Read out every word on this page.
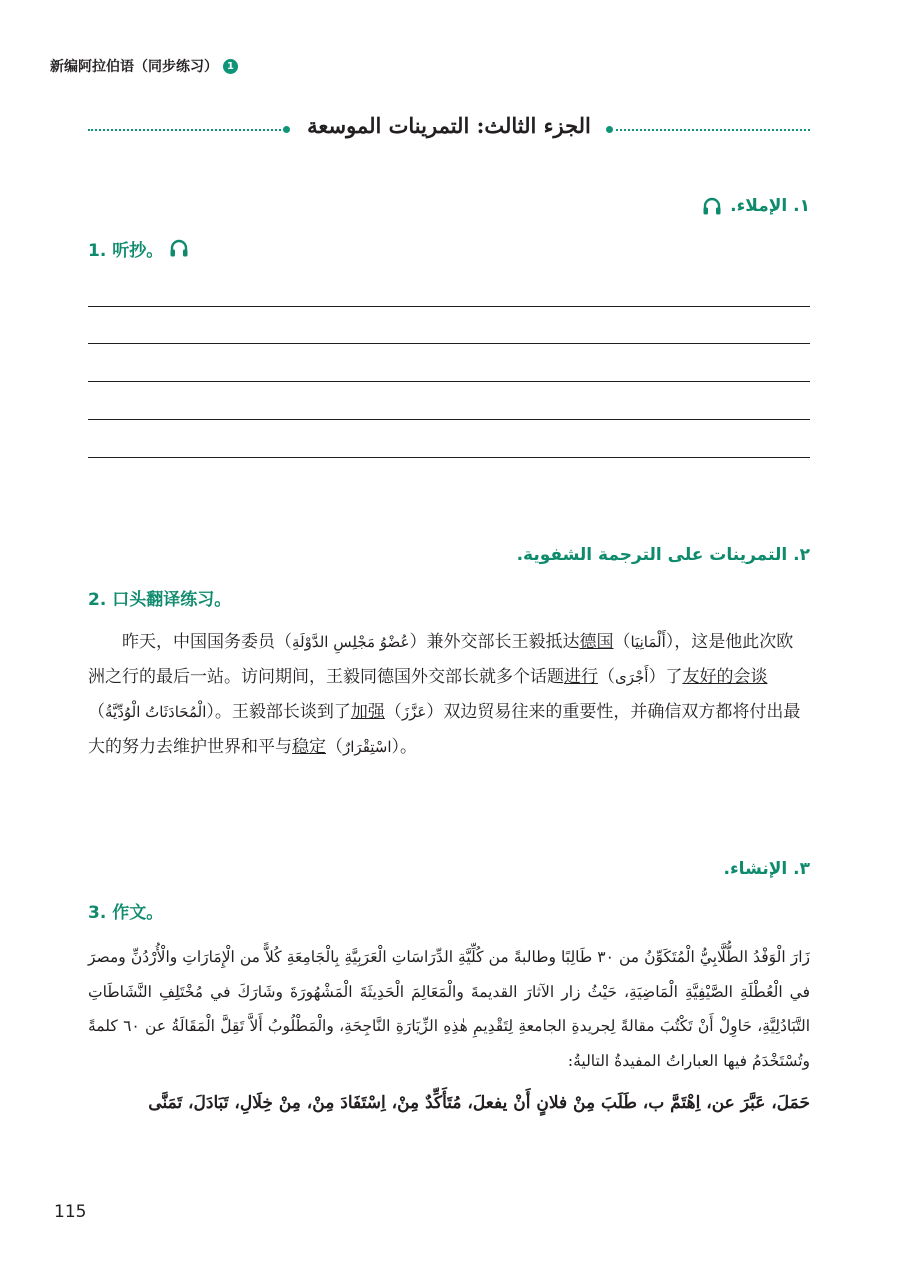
新编阿拉伯语（同步练习） 1
الجزء الثالث: التمرينات الموسعة
١. الإملاء.
1. 听抄。
٢. التمرينات على الترجمة الشفوية.
2. 口头翻译练习。
  昨天，中国国务委员（عُضْوُ مَجْلِسِ الدَّوْلَةِ）兼外交部长王毅抵达德国（أَلْمَانِيَا），这是他此次欧洲之行的最后一站。访问期间，王毅同德国外交部长就多个话题进行（أَجْرَى）了友好的会谈（الْمُحَادَثَاتُ الْوُدِّيَّةُ）。王毅部长谈到了加强（عَزَّزَ）双边贸易往来的重要性，并确信双方都将付出最大的努力去维护世界和平与稳定（اسْتِقْرَارٌ）。
٣. الإنشاء.
3. 作文。
زَارَ الْوَفْدُ الطُّلَّابِيُّ الْمُتَكَوِّنُ من ٣٠ طَالِبًا وطالبةً من كُلِّيَّةِ الدِّرَاسَاتِ الْعَرَبِيَّةِ بِالْجَامِعَةِ كُلاًّ من الْإِمَارَاتِ والْأُرْدُنِّ ومصرَ في الْعُطْلَةِ الصَّيْفِيَّةِ الْمَاضِيَةِ، حَيْثُ زار الآثارَ القديمةَ والْمَعَالِمَ الْحَدِيثَةَ الْمَشْهُورَةَ وشَارَكَ في مُخْتَلِفِ النَّشَاطَاتِ التَّبَادُلِيَّةِ، حَاوِلْ أَنْ تَكْتُبَ مقالةً لِجريدةِ الجامعةِ لِتَقْدِيمِ هٰذِهِ الزِّيَارَةِ النَّاجِحَةِ، والْمَطْلُوبُ أَلاَّ تَقِلَّ الْمَقَالَةُ عن ٦٠ كلمةً وتُسْتَخْدَمُ فيها العباراتُ المفيدةُ التاليةُ:
حَمَلَ، عَبَّرَ عن، اِهْتَمَّ ب، طَلَبَ مِنْ فلانٍ أَنْ يفعلَ، مُتَأَكِّدٌ مِنْ، اِسْتَفَادَ مِنْ، مِنْ خِلَالِ، تَبَادَلَ، تَمَنَّى
115
